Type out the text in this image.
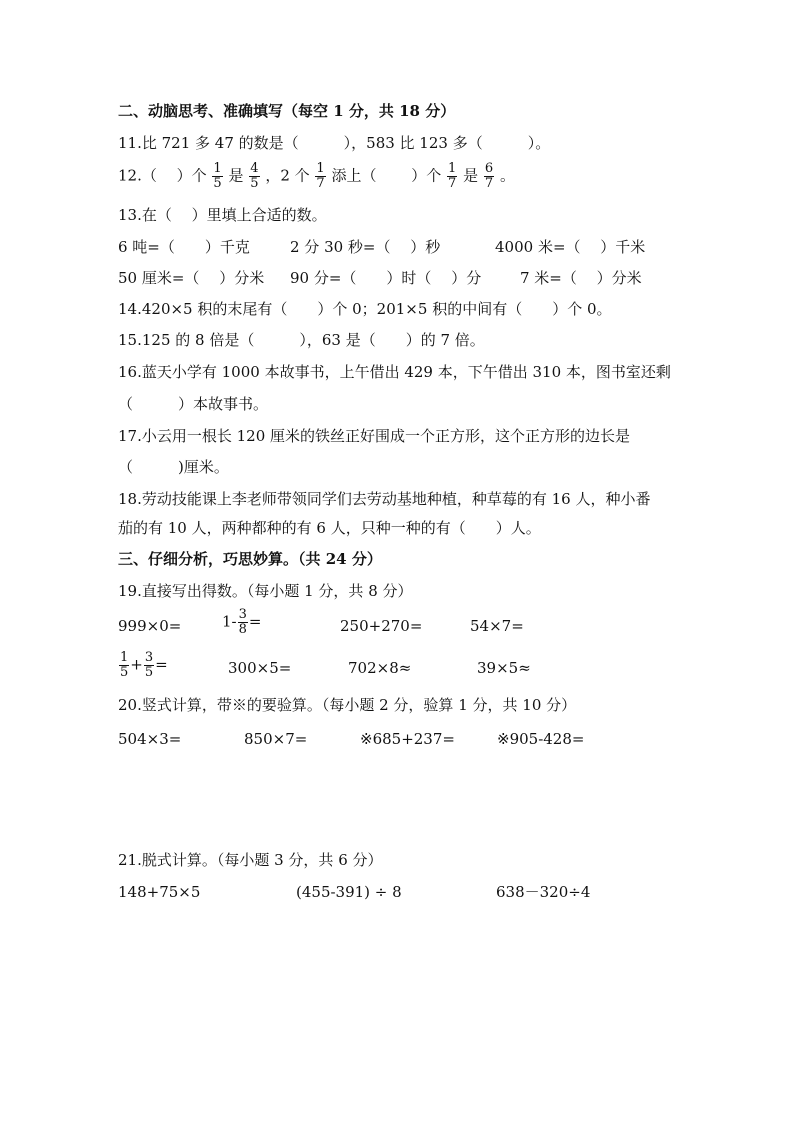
二、动脑思考、准确填写（每空 1 分，共 18 分）
11.比 721 多 47 的数是（　　　），583 比 123 多（　　　）。
12.（　 ）个 $\frac{1}{5}$ 是 $\frac{4}{5}$ ，2 个 $\frac{1}{7}$ 添上（　　 ）个 $\frac{1}{7}$ 是 $\frac{6}{7}$ 。
13.在（　 ）里填上合适的数。
6 吨=（　　）千克	2 分 30 秒=（　 ）秒	4000 米=（　 ）千米
50 厘米=（　 ）分米 90 分=（　　）时（　 ）分	7 米=（　 ）分米
14.420×5 积的末尾有（　　）个 0；201×5 积的中间有（　　）个 0。
15.125 的 8 倍是（　　　），63 是（　　）的 7 倍。
16.蓝天小学有 1000 本故事书，上午借出 429 本，下午借出 310 本，图书室还剩
（　　　）本故事书。
17.小云用一根长 120 厘米的铁丝正好围成一个正方形，这个正方形的边长是
（　　　)厘米。
18.劳动技能课上李老师带领同学们去劳动基地种植，种草莓的有 16 人，种小番
茄的有 10 人，两种都种的有 6 人，只种一种的有（　　）人。
三、仔细分析，巧思妙算。（共 24 分）
19.直接写出得数。（每小题 1 分，共 8 分）
999×0=	$1- \frac{3}{8}$ =	250+270=	54×7=
$\frac{1}{5} + \frac{3}{5}$ =	300×5=	702×8≈	39×5≈
20.竖式计算，带※的要验算。（每小题 2 分，验算 1 分，共 10 分）
504×3=	850×7=	※685+237=	※905-428=
21.脱式计算。（每小题 3 分，共 6 分）
148+75×5	(455-391) ÷ 8	638－320÷4
